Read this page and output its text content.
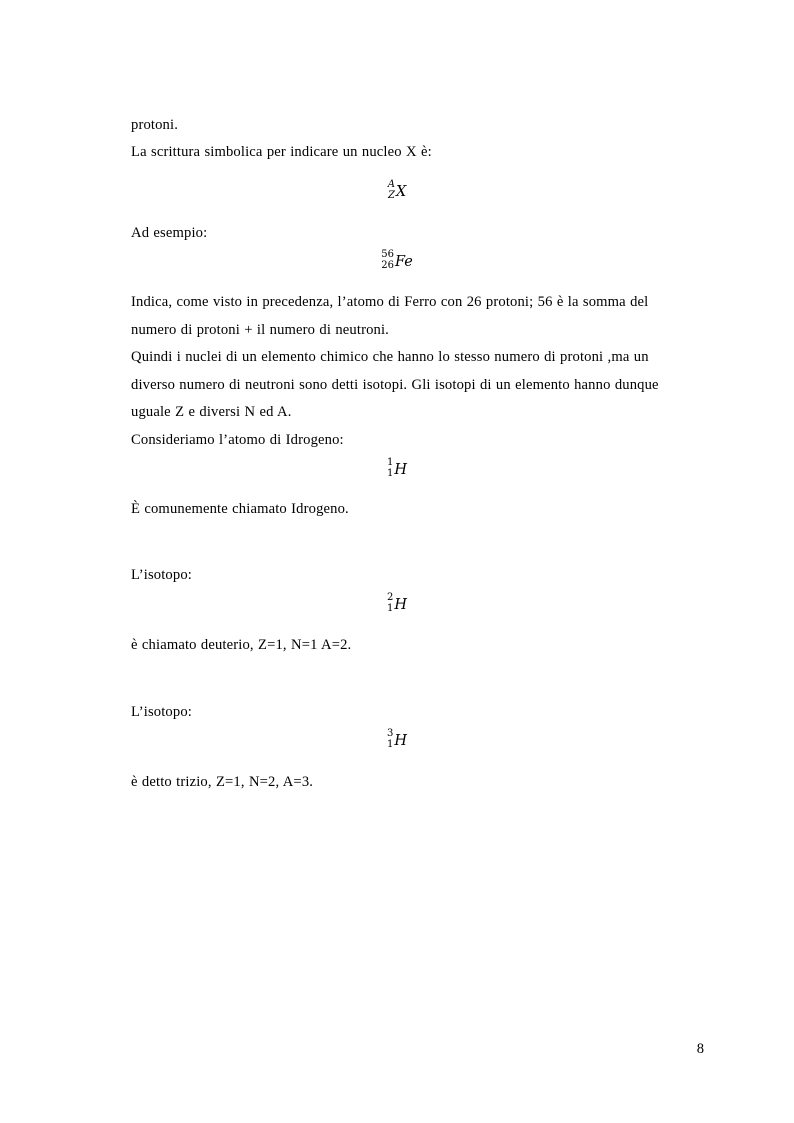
protoni.
La scrittura simbolica per indicare un nucleo X è:
A
Z X
Ad esempio:
56
26 Fe
Indica, come visto in precedenza, l’atomo di Ferro con 26 protoni; 56 è la somma del
numero di protoni + il numero di neutroni.
Quindi i nuclei di un elemento chimico che hanno lo stesso numero di protoni ,ma un
diverso numero di neutroni sono detti isotopi. Gli isotopi di un elemento hanno dunque
uguale Z e diversi N ed A.
Consideriamo l’atomo di Idrogeno:
1
1 H
È comunemente chiamato Idrogeno.
L’isotopo:
2
1 H
è chiamato deuterio, Z=1, N=1 A=2.
L’isotopo:
3
1 H
è detto trizio, Z=1, N=2, A=3.
8
